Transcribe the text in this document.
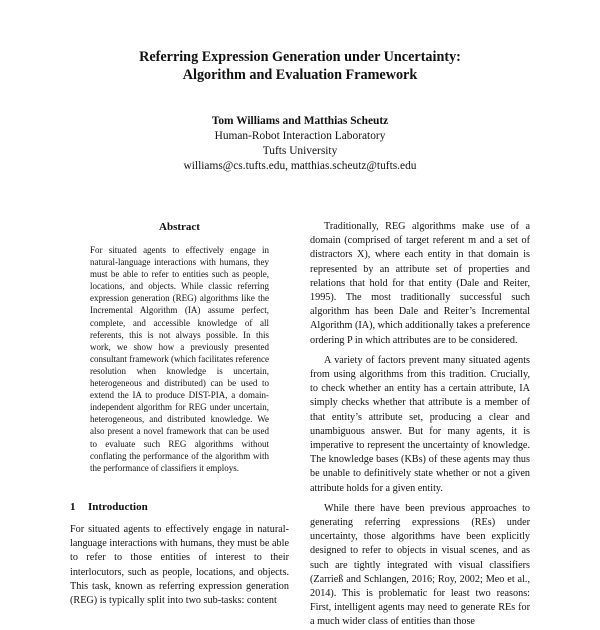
Referring Expression Generation under Uncertainty:
Algorithm and Evaluation Framework
Tom Williams and Matthias Scheutz
Human-Robot Interaction Laboratory
Tufts University
williams@cs.tufts.edu, matthias.scheutz@tufts.edu
Abstract
For situated agents to effectively engage in natural-language interactions with humans, they must be able to refer to entities such as people, locations, and objects. While classic referring expression generation (REG) algorithms like the Incremental Algorithm (IA) assume perfect, complete, and accessible knowledge of all referents, this is not always possible. In this work, we show how a previously presented consultant framework (which facilitates reference resolution when knowledge is uncertain, heterogeneous and distributed) can be used to extend the IA to produce DIST-PIA, a domain-independent algorithm for REG under uncertain, heterogeneous, and distributed knowledge. We also present a novel framework that can be used to evaluate such REG algorithms without conflating the performance of the algorithm with the performance of classifiers it employs.
1 Introduction
For situated agents to effectively engage in natural-language interactions with humans, they must be able to refer to those entities of interest to their interlocutors, such as people, locations, and objects. This task, known as referring expression generation (REG) is typically split into two sub-tasks: content

Traditionally, REG algorithms make use of a domain (comprised of target referent m and a set of distractors X), where each entity in that domain is represented by an attribute set of properties and relations that hold for that entity (Dale and Reiter, 1995). The most traditionally successful such algorithm has been Dale and Reiter’s Incremental Algorithm (IA), which additionally takes a preference ordering P in which attributes are to be considered.

A variety of factors prevent many situated agents from using algorithms from this tradition. Crucially, to check whether an entity has a certain attribute, IA simply checks whether that attribute is a member of that entity’s attribute set, producing a clear and unambiguous answer. But for many agents, it is imperative to represent the uncertainty of knowledge. The knowledge bases (KBs) of these agents may thus be unable to definitively state whether or not a given attribute holds for a given entity.

While there have been previous approaches to generating referring expressions (REs) under uncertainty, those algorithms have been explicitly designed to refer to objects in visual scenes, and as such are tightly integrated with visual classifiers (Zarrieß and Schlangen, 2016; Roy, 2002; Meo et al., 2014). This is problematic for least two reasons: First, intelligent agents may need to generate REs for a much wider class of entities than those
